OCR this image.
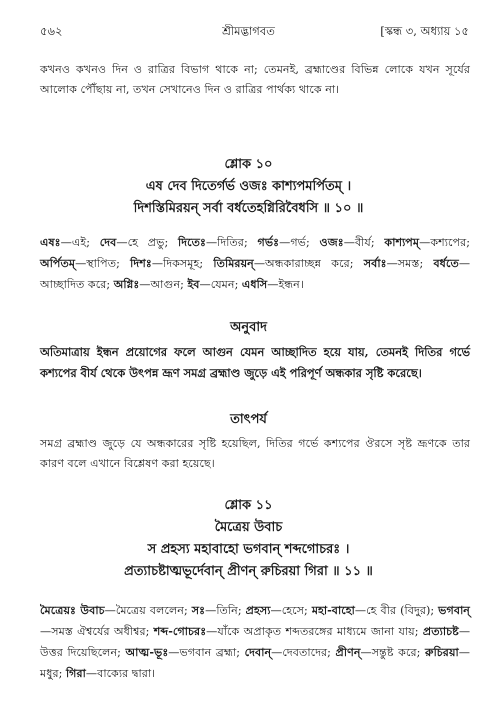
৫৬২	শ্রীমদ্ভাগবত	[স্কন্ধ ৩, অধ্যায় ১৫

কখনও কখনও দিন ও রাত্রির বিভাগ থাকে না; তেমনই, ব্রহ্মাণ্ডের বিভিন্ন লোকে যখন সূর্যের আলোক পৌঁছায় না, তখন সেখানেও দিন ও রাত্রির পার্থক্য থাকে না।

শ্লোক ১০
এষ দেব দিতের্গর্ভ ওজঃ কাশ্যপমর্পিতম্ ।
দিশস্তিমিরয়ন্ সর্বা বর্ধতেহগ্নিরিবৈধসি ॥ ১০ ॥

এষঃ—এই; দেব—হে প্রভু; দিতেঃ—দিতির; গর্ভঃ—গর্ভ; ওজঃ—বীর্য; কাশ্যপম্—কশ্যপের; অর্পিতম্—স্থাপিত; দিশঃ—দিকসমূহ; তিমিরয়ন্—অন্ধকারাচ্ছন্ন করে; সর্বাঃ—সমস্ত; বর্ধতে—আচ্ছাদিত করে; অগ্নিঃ—আগুন; ইব—যেমন; এধসি—ইন্ধন।

অনুবাদ

অতিমাত্রায় ইন্ধন প্রয়োগের ফলে আগুন যেমন আচ্ছাদিত হয়ে যায়, তেমনই দিতির গর্ভে কশ্যপের বীর্য থেকে উৎপন্ন ভ্রূণ সমগ্র ব্রহ্মাণ্ড জুড়ে এই পরিপূর্ণ অন্ধকার সৃষ্টি করেছে।

তাৎপর্য

সমগ্র ব্রহ্মাণ্ড জুড়ে যে অন্ধকারের সৃষ্টি হয়েছিল, দিতির গর্ভে কশ্যপের ঔরসে সৃষ্ট ভ্রূণকে তার কারণ বলে এখানে বিশ্লেষণ করা হয়েছে।

শ্লোক ১১
মৈত্রেয় উবাচ
স প্রহস্য মহাবাহো ভগবান্ শব্দগোচরঃ ।
প্রত্যাচষ্টাত্মভূর্দেবান্ প্রীণন্ রুচিরয়া গিরা ॥ ১১ ॥

মৈত্রেয়ঃ উবাচ—মৈত্রেয় বললেন; সঃ—তিনি; প্রহস্য—হেসে; মহা-বাহো—হে বীর (বিদুর); ভগবান্—সমস্ত ঐশ্বর্যের অধীশ্বর; শব্দ-গোচরঃ—যাঁকে অপ্রাকৃত শব্দতরঙ্গের মাধ্যমে জানা যায়; প্রত্যাচষ্ট—উত্তর দিয়েছিলেন; আত্ম-ভূঃ—ভগবান ব্রহ্মা; দেবান্—দেবতাদের; প্রীণন্—সন্তুষ্ট করে; রুচিরয়া—মধুর; গিরা—বাক্যের দ্বারা।
